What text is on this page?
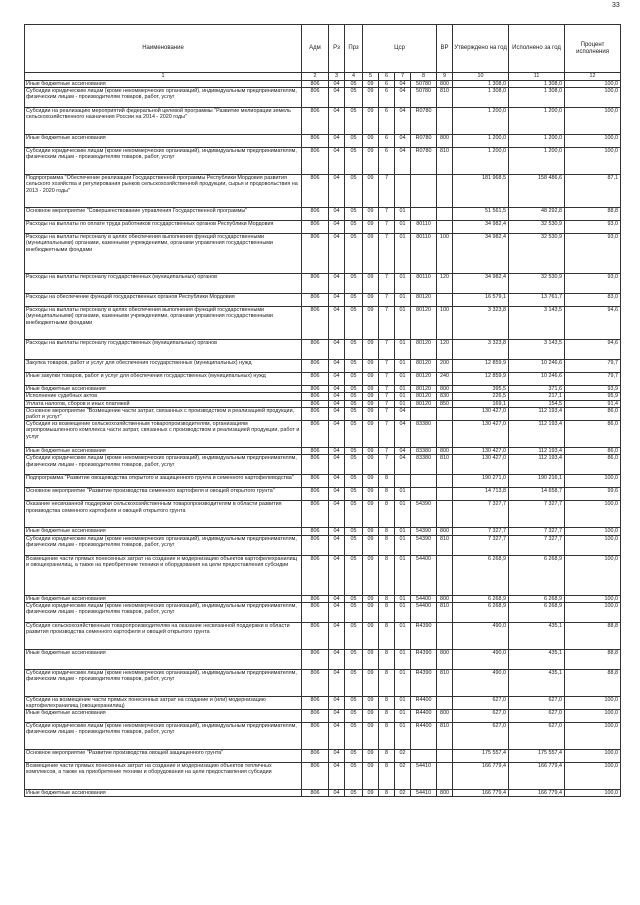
33
Наименование	Адм	Рз	Прз	Цср				ВР	Утверждено на год	Исполнено за год	Процент исполнения
1	2	3	4	5	6	7	8	9	10	11	12
Иные бюджетные ассигнования	806	04	05	09	6	04	50780	800	1 308,0	1 308,0	100,0
Субсидии юридическим лицам (кроме некоммерческих организаций), индивидуальным предпринимателям, физическим лицам - производителям товаров, работ, услуг	806	04	05	09	6	04	50780	810	1 308,0	1 308,0	100,0
Субсидии на реализацию мероприятий федеральной целевой программы "Развитие мелиорации земель сельскохозяйственного назначения России на 2014 - 2020 годы"	806	04	05	09	6	04	R0780		1 200,0	1 200,0	100,0
Иные бюджетные ассигнования	806	04	05	09	6	04	R0780	800	1 200,0	1 200,0	100,0
Субсидии юридическим лицам (кроме некоммерческих организаций), индивидуальным предпринимателям, физическим лицам - производителям товаров, работ, услуг	806	04	05	09	6	04	R0780	810	1 200,0	1 200,0	100,0
Подпрограмма "Обеспечение реализации Государственной программы Республики Мордовия развития сельского хозяйства и регулирования рынков сельскохозяйственной продукции, сырья и продовольствия на 2013 - 2020 годы"	806	04	05	09	7				181 968,5	158 486,6	87,1
Основное мероприятие "Совершенствование управления Государственной программы"	806	04	05	09	7	01			51 561,5	48 292,8	88,8
Расходы на выплаты по оплате труда работников государственных органов Республики Мордовия	806	04	05	09	7	01	80110		34 982,4	32 530,9	93,0
Расходы на выплаты персоналу в целях обеспечения выполнения функций государственными (муниципальными) органами, казенными учреждениями, органами управления государственными внебюджетными фондами	806	04	05	09	7	01	80110	100	34 982,4	32 530,9	93,0
Расходы на выплаты персоналу государственных (муниципальных) органов	806	04	05	09	7	01	80110	120	34 982,4	32 530,9	93,0
Расходы на обеспечение функций государственных органов Республики Мордовия	806	04	05	09	7	01	80120		16 579,1	13 761,7	83,0
Расходы на выплаты персоналу в целях обеспечения выполнения функций государственными (муниципальными) органами, казенными учреждениями, органами управления государственными внебюджетными фондами	806	04	05	09	7	01	80120	100	3 323,8	3 143,5	94,6
Расходы на выплаты персоналу государственных (муниципальных) органов	806	04	05	09	7	01	80120	120	3 323,8	3 143,5	94,6
Закупка товаров, работ и услуг для обеспечения государственных (муниципальных) нужд	806	04	05	09	7	01	80120	200	12 859,9	10 246,6	79,7
Иные закупки товаров, работ и услуг для обеспечения государственных (муниципальных) нужд	806	04	05	09	7	01	80120	240	12 859,9	10 246,6	79,7
Иные бюджетные ассигнования	806	04	05	09	7	01	80120	800	395,5	371,6	93,9
Исполнение судебных актов	806	04	05	09	7	01	80120	830	226,5	217,1	95,9
Уплата налогов, сборов и иных платежей	806	04	05	09	7	01	80120	850	169,1	154,5	91,4
Основное мероприятие "Возмещение части затрат, связанных с производством и реализацией продукции, работ и услуг"	806	04	05	09	7	04			130 427,0	112 193,4	86,0
Субсидия из возмещение сельскохозяйственным товаропроизводителям, организациям агропромышленного комплекса части затрат, связанных с производством и реализацией продукции, работ и услуг	806	04	05	09	7	04	83380		130 427,0	112 193,4	86,0
Иные бюджетные ассигнования	806	04	05	09	7	04	83380	800	130 427,0	112 193,4	86,0
Субсидии юридическим лицам (кроме некоммерческих организаций), индивидуальным предпринимателям, физическим лицам - производителям товаров, работ, услуг	806	04	05	09	7	04	83380	810	130 427,0	112 193,4	86,0
Подпрограмма "Развитие овощеводства открытого и защищенного грунта и семенного картофелеводства"	806	04	05	09	8				190 271,0	190 216,1	100,0
Основное мероприятие "Развитие производства семенного картофеля и овощей открытого грунта"	806	04	05	09	8	01			14 713,8	14 658,7	99,6
Оказание несвязанной поддержки сельскохозяйственным товаропроизводителям в области развития производства семенного картофеля и овощей открытого грунта	806	04	05	09	8	01	54390		7 327,7	7 327,7	100,0
Иные бюджетные ассигнования	806	04	05	09	8	01	54390	800	7 327,7	7 327,7	100,0
Субсидии юридическим лицам (кроме некоммерческих организаций), индивидуальным предпринимателям, физическим лицам - производителям товаров, работ, услуг	806	04	05	09	8	01	54390	810	7 327,7	7 327,7	100,0
Возмещение части прямых понесенных затрат на создание и модернизацию объектов картофелехранилищ и овощехранилищ, а также на приобретение техники и оборудования на цели предоставления субсидии	806	04	05	09	8	01	54400		6 268,9	6 268,9	100,0
Иные бюджетные ассигнования	806	04	05	09	8	01	54400	800	6 268,9	6 268,9	100,0
Субсидии юридическим лицам (кроме некоммерческих организаций), индивидуальным предпринимателям, физическим лицам - производителям товаров, работ, услуг	806	04	05	09	8	01	54400	810	6 268,9	6 268,9	100,0
Субсидия сельскохозяйственным товаропроизводителям на оказание несвязанной поддержки в области развития производства семенного картофеля и овощей открытого грунта	806	04	05	09	8	01	R4390		490,0	435,1	88,8
Иные бюджетные ассигнования	806	04	05	09	8	01	R4390	800	490,0	435,1	88,8
Субсидии юридическим лицам (кроме некоммерческих организаций), индивидуальным предпринимателям, физическим лицам - производителям товаров, работ, услуг	806	04	05	09	8	01	R4390	810	490,0	435,1	88,8
Субсидии на возмещение части прямых понесенных затрат на создание и (или) модернизацию картофелехранилищ (овощехранилищ)	806	04	05	09	8	01	R4400		627,0	627,0	100,0
Иные бюджетные ассигнования	806	04	05	09	8	01	R4400	800	627,0	627,0	100,0
Субсидии юридическим лицам (кроме некоммерческих организаций), индивидуальным предпринимателям, физическим лицам - производителям товаров, работ, услуг	806	04	05	09	8	01	R4400	810	627,0	627,0	100,0
Основное мероприятие "Развитие производства овощей защищенного грунта"	806	04	05	09	8	02			175 557,4	175 557,4	100,0
Возмещение части прямых понесенных затрат на создание и модернизацию объектов тепличных комплексов, а также на приобретение техники и оборудования на цели предоставления субсидии	806	04	05	09	8	02	54410		166 779,4	166 779,4	100,0
Иные бюджетные ассигнования	806	04	05	09	8	02	54410	800	166 779,4	166 779,4	100,0
